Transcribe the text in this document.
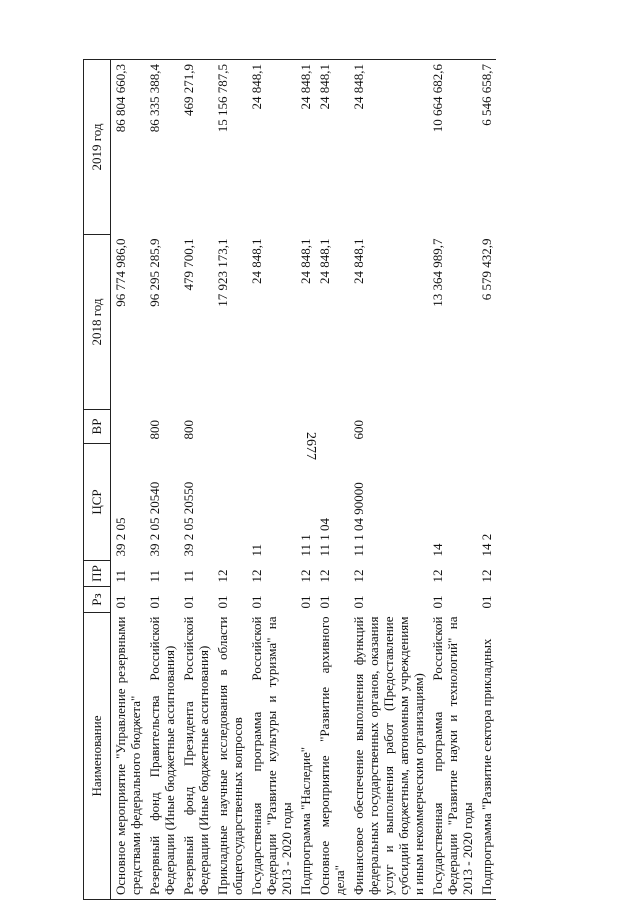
2677
Наименование	Рз	ПР	ЦСР	ВР	2018 год	2019 год
Основное мероприятие "Управление резервными средствами федерального бюджета"	01	11	39 2 05		96 774 986,0	86 804 660,3
Резервный фонд Правительства Российской Федерации (Иные бюджетные ассигнования)	01	11	39 2 05 20540	800	96 295 285,9	86 335 388,4
Резервный фонд Президента Российской Федерации (Иные бюджетные ассигнования)	01	11	39 2 05 20550	800	479 700,1	469 271,9
Прикладные научные исследования в области общегосударственных вопросов	01	12			17 923 173,1	15 156 787,5
Государственная программа Российской Федерации "Развитие культуры и туризма" на 2013 - 2020 годы	01	12	11		24 848,1	24 848,1
Подпрограмма "Наследие"	01	12	11 1		24 848,1	24 848,1
Основное мероприятие "Развитие архивного дела"	01	12	11 1 04		24 848,1	24 848,1
Финансовое обеспечение выполнения функций федеральных государственных органов, оказания услуг и выполнения работ (Предоставление субсидий бюджетным, автономным учреждениям и иным некоммерческим организациям)	01	12	11 1 04 90000	600	24 848,1	24 848,1
Государственная программа Российской Федерации "Развитие науки и технологий" на 2013 - 2020 годы	01	12	14		13 364 989,7	10 664 682,6
Подпрограмма "Развитие сектора прикладных	01	12	14 2		6 579 432,9	6 546 658,7
